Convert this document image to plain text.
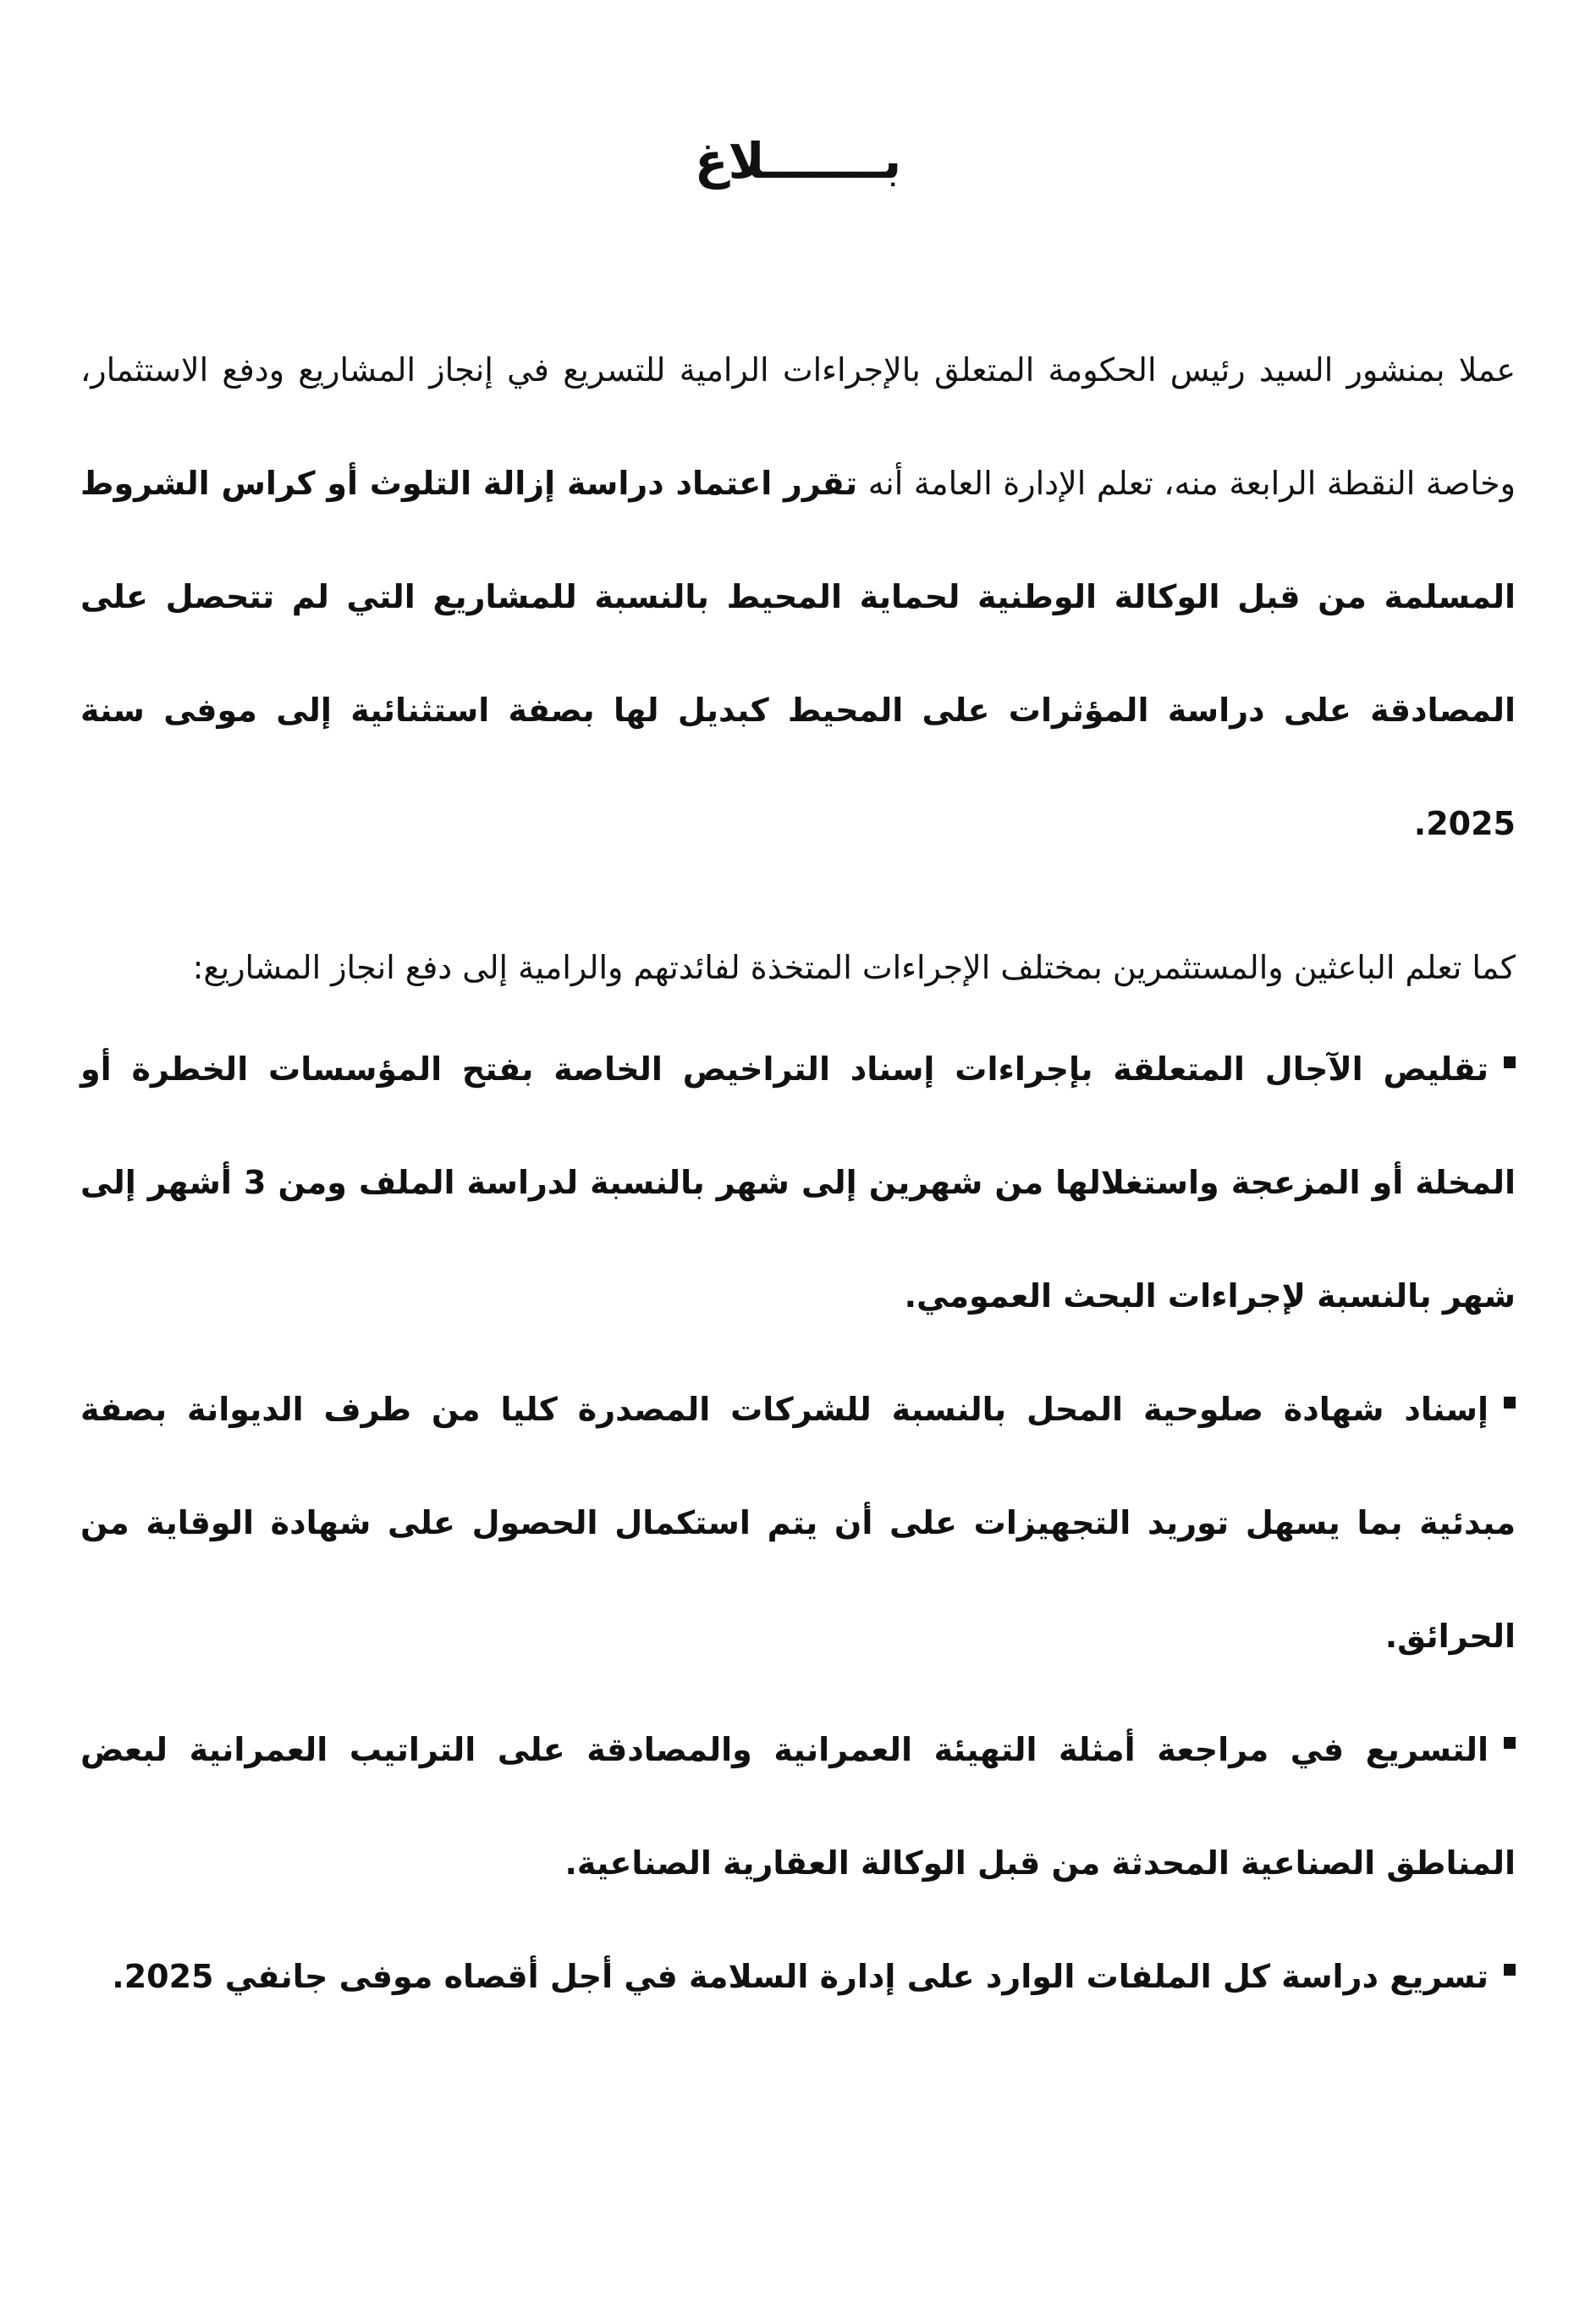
بـــــــلاغ

عملا بمنشور السيد رئيس الحكومة المتعلق بالإجراءات الرامية للتسريع في إنجاز المشاريع ودفع الاستثمار، وخاصة النقطة الرابعة منه، تعلم الإدارة العامة أنه تقرر اعتماد دراسة إزالة التلوث أو كراس الشروط المسلمة من قبل الوكالة الوطنية لحماية المحيط بالنسبة للمشاريع التي لم تتحصل على المصادقة على دراسة المؤثرات على المحيط كبديل لها بصفة استثنائية إلى موفى سنة 2025.

كما تعلم الباعثين والمستثمرين بمختلف الإجراءات المتخذة لفائدتهم والرامية إلى دفع انجاز المشاريع:

تقليص الآجال المتعلقة بإجراءات إسناد التراخيص الخاصة بفتح المؤسسات الخطرة أو المخلة أو المزعجة واستغلالها من شهرين إلى شهر بالنسبة لدراسة الملف ومن 3 أشهر إلى شهر بالنسبة لإجراءات البحث العمومي.

إسناد شهادة صلوحية المحل بالنسبة للشركات المصدرة كليا من طرف الديوانة بصفة مبدئية بما يسهل تورید التجهيزات على أن يتم استكمال الحصول على شهادة الوقاية من الحرائق.

التسريع في مراجعة أمثلة التهيئة العمرانية والمصادقة على التراتيب العمرانية لبعض المناطق الصناعية المحدثة من قبل الوكالة العقارية الصناعية.

تسريع دراسة كل الملفات الوارد على إدارة السلامة في أجل أقصاه موفى جانفي 2025.
